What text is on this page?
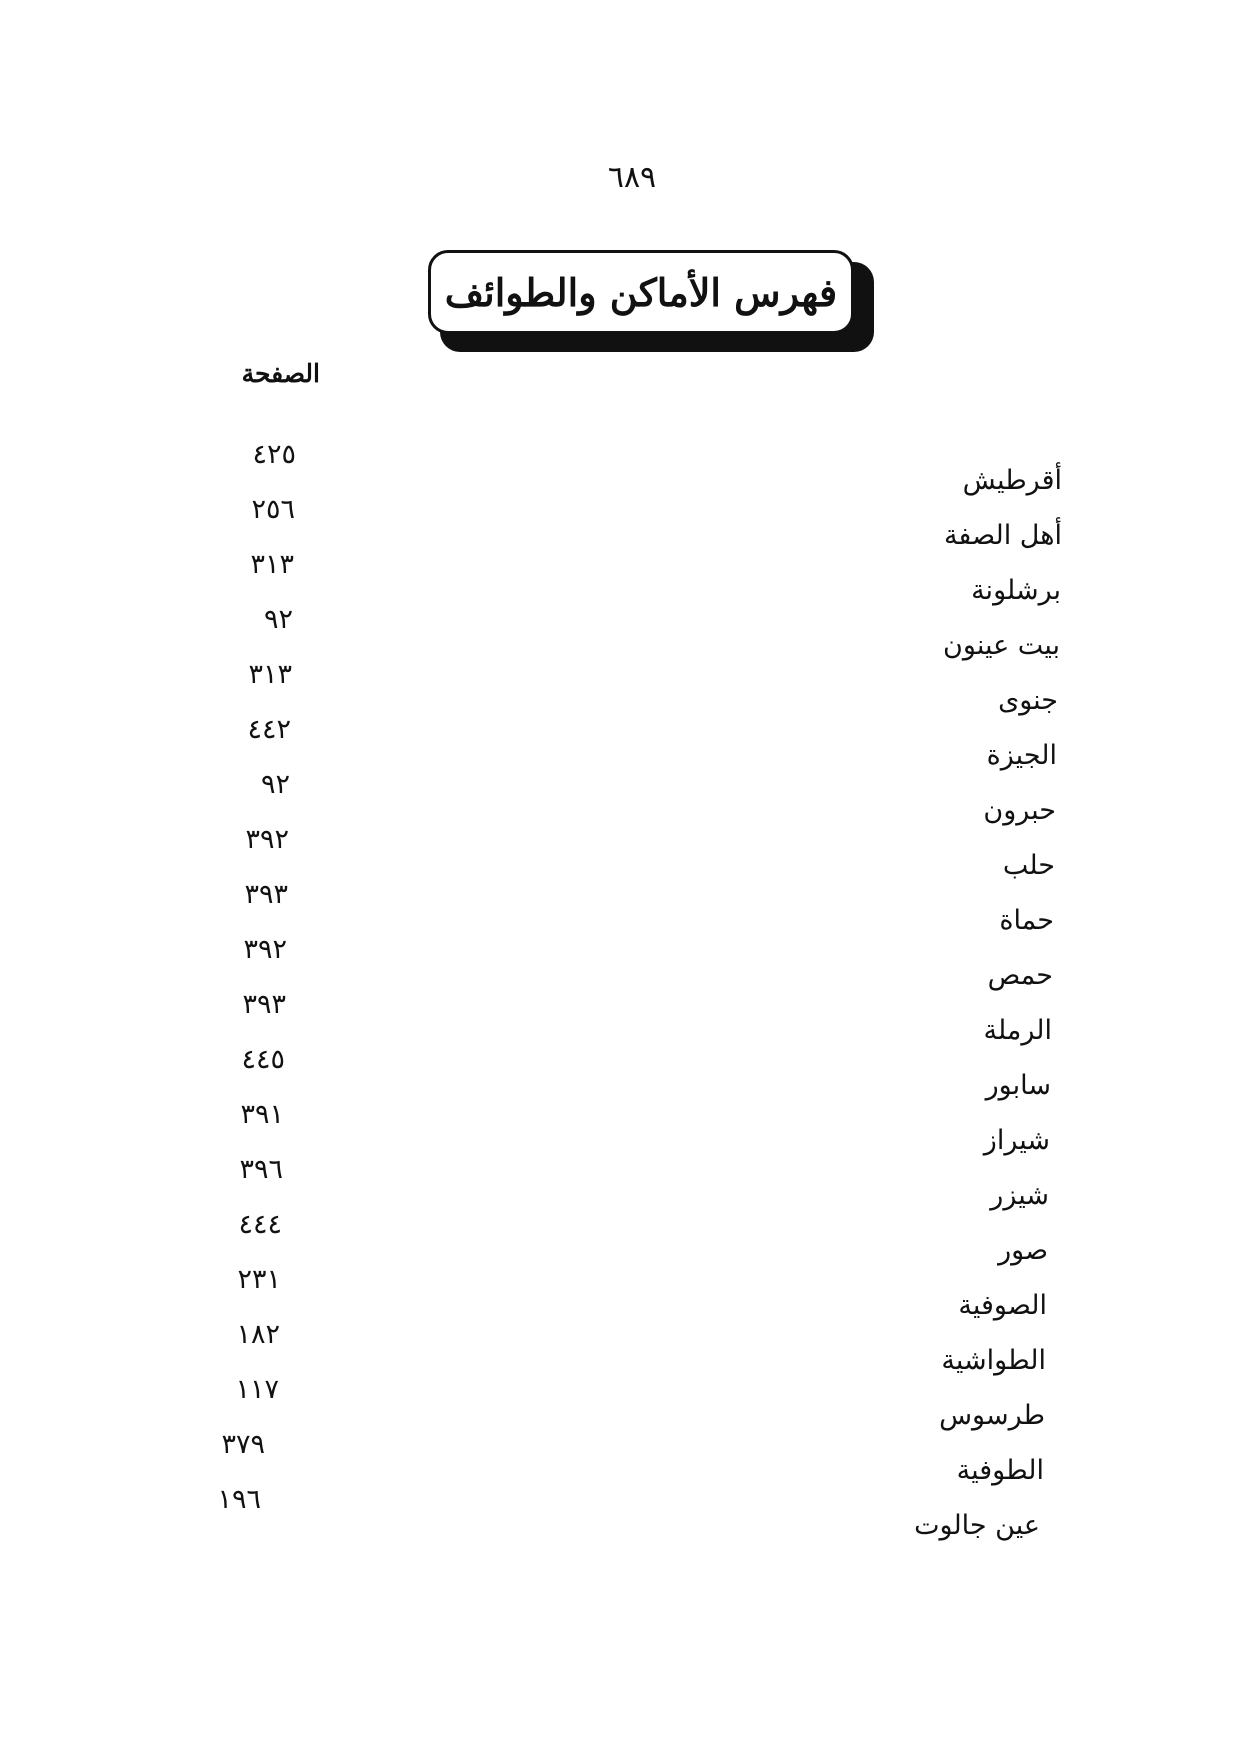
٦٨٩
فهرس الأماكن والطوائف
الصفحة
٤٢٥
٢٥٦
٣١٣
٩٢
٣١٣
٤٤٢
٩٢
٣٩٢
٣٩٣
٣٩٢
٣٩٣
٤٤٥
٣٩١
٣٩٦
٤٤٤
٢٣١
١٨٢
١١٧
٣٧٩
١٩٦
أقرطيش
أهل الصفة
برشلونة
بيت عينون
جنوى
الجيزة
حبرون
حلب
حماة
حمص
الرملة
سابور
شيراز
شيزر
صور
الصوفية
الطواشية
طرسوس
الطوفية
عين جالوت
